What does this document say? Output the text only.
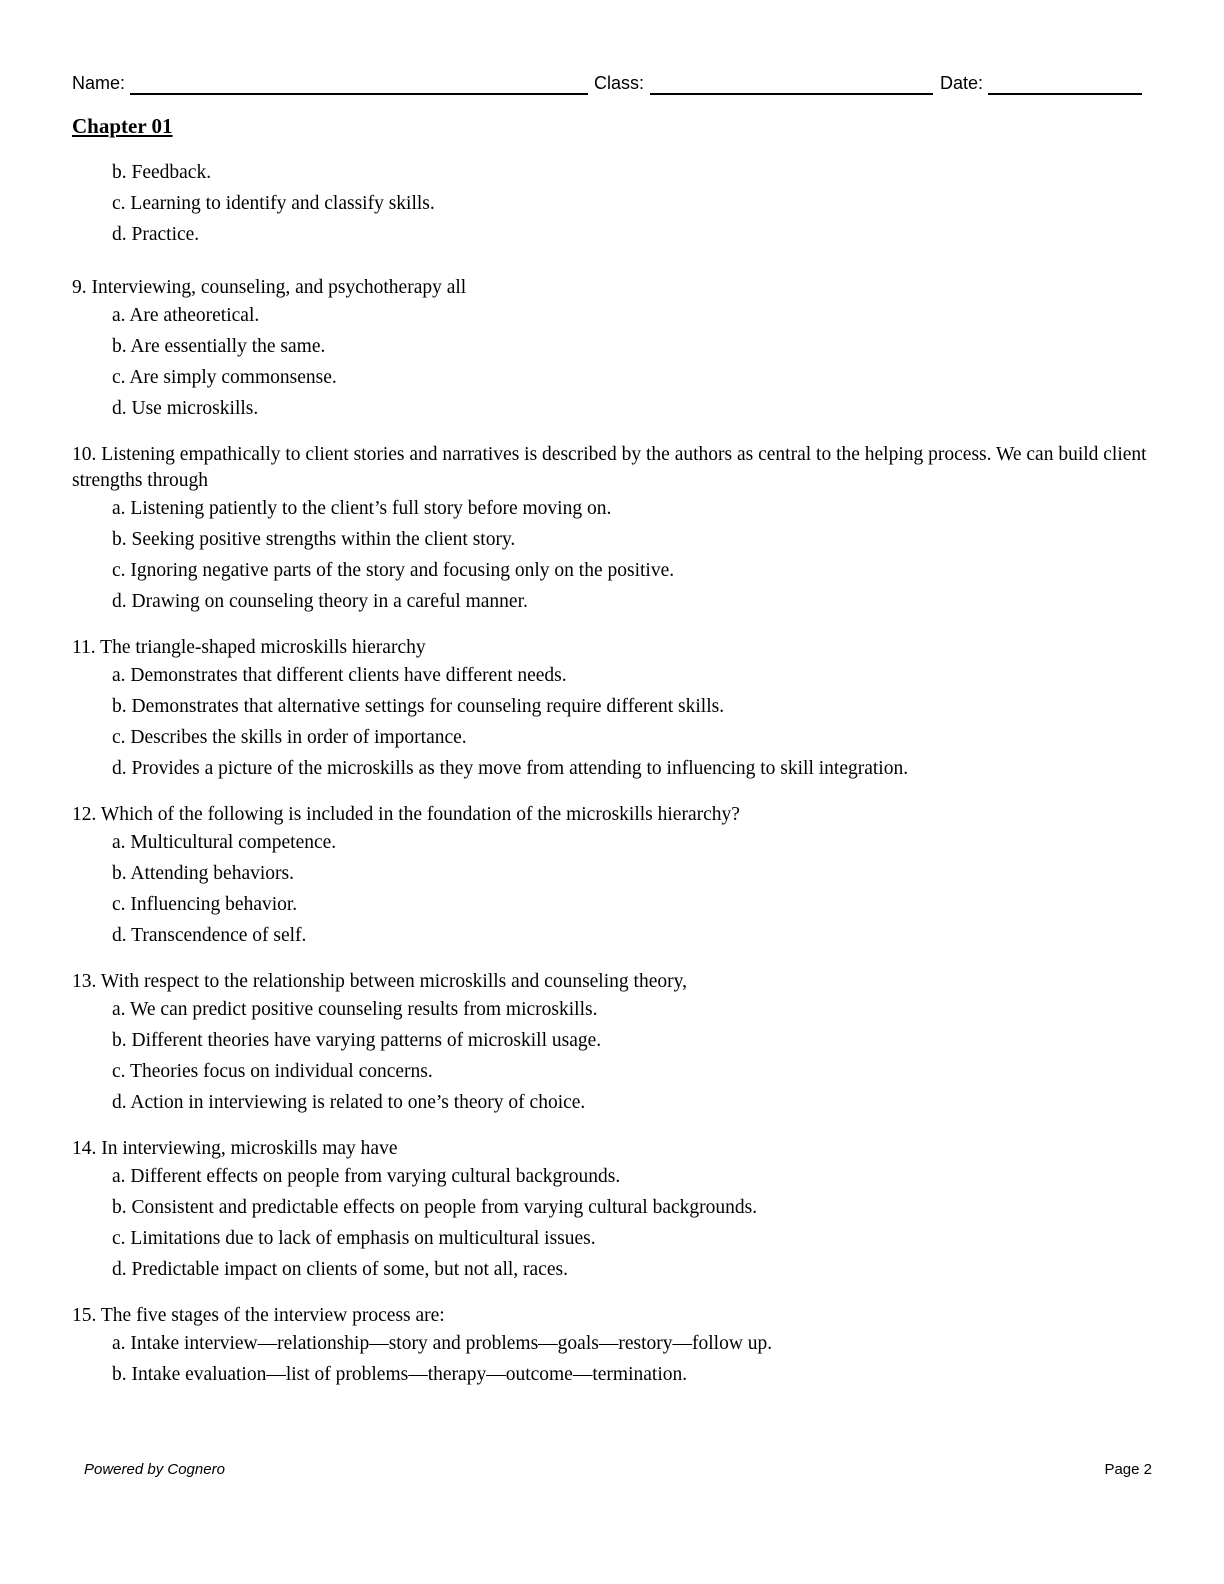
Name:	Class:	Date:
Chapter 01
b. Feedback.
c. Learning to identify and classify skills.
d. Practice.
9. Interviewing, counseling, and psychotherapy all
a. Are atheoretical.
b. Are essentially the same.
c. Are simply commonsense.
d. Use microskills.
10. Listening empathically to client stories and narratives is described by the authors as central to the helping process. We can build client strengths through
a. Listening patiently to the client’s full story before moving on.
b. Seeking positive strengths within the client story.
c. Ignoring negative parts of the story and focusing only on the positive.
d. Drawing on counseling theory in a careful manner.
11. The triangle-shaped microskills hierarchy
a. Demonstrates that different clients have different needs.
b. Demonstrates that alternative settings for counseling require different skills.
c. Describes the skills in order of importance.
d. Provides a picture of the microskills as they move from attending to influencing to skill integration.
12. Which of the following is included in the foundation of the microskills hierarchy?
a. Multicultural competence.
b. Attending behaviors.
c. Influencing behavior.
d. Transcendence of self.
13. With respect to the relationship between microskills and counseling theory,
a. We can predict positive counseling results from microskills.
b. Different theories have varying patterns of microskill usage.
c. Theories focus on individual concerns.
d. Action in interviewing is related to one’s theory of choice.
14. In interviewing, microskills may have
a. Different effects on people from varying cultural backgrounds.
b. Consistent and predictable effects on people from varying cultural backgrounds.
c. Limitations due to lack of emphasis on multicultural issues.
d. Predictable impact on clients of some, but not all, races.
15. The five stages of the interview process are:
a. Intake interview—relationship—story and problems—goals—restory—follow up.
b. Intake evaluation—list of problems—therapy—outcome—termination.
Powered by Cognero	Page 2
